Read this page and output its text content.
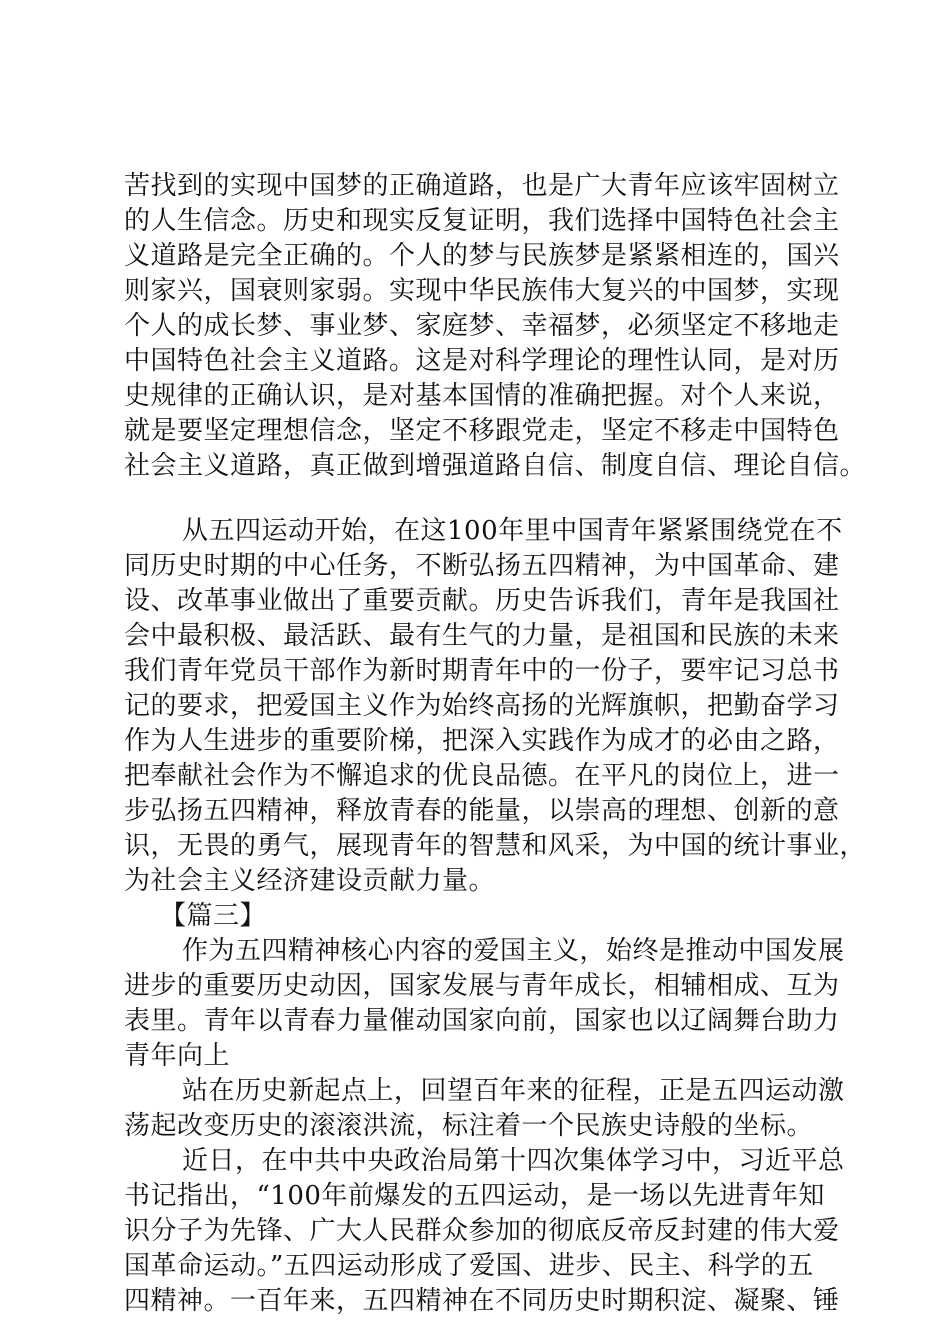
苦找到的实现中国梦的正确道路，也是广大青年应该牢固树立
的人生信念。历史和现实反复证明，我们选择中国特色社会主
义道路是完全正确的。个人的梦与民族梦是紧紧相连的，国兴
则家兴，国衰则家弱。实现中华民族伟大复兴的中国梦，实现
个人的成长梦、事业梦、家庭梦、幸福梦，必须坚定不移地走
中国特色社会主义道路。这是对科学理论的理性认同，是对历
史规律的正确认识，是对基本国情的准确把握。对个人来说，
就是要坚定理想信念，坚定不移跟党走，坚定不移走中国特色
社会主义道路，真正做到增强道路自信、制度自信、理论自信。
从五四运动开始，在这100年里中国青年紧紧围绕党在不
同历史时期的中心任务，不断弘扬五四精神，为中国革命、建
设、改革事业做出了重要贡献。历史告诉我们，青年是我国社
会中最积极、最活跃、最有生气的力量，是祖国和民族的未来
我们青年党员干部作为新时期青年中的一份子，要牢记习总书
记的要求，把爱国主义作为始终高扬的光辉旗帜，把勤奋学习
作为人生进步的重要阶梯，把深入实践作为成才的必由之路，
把奉献社会作为不懈追求的优良品德。在平凡的岗位上，进一
步弘扬五四精神，释放青春的能量，以崇高的理想、创新的意
识，无畏的勇气，展现青年的智慧和风采，为中国的统计事业，
为社会主义经济建设贡献力量。
【篇三】
作为五四精神核心内容的爱国主义，始终是推动中国发展
进步的重要历史动因，国家发展与青年成长，相辅相成、互为
表里。青年以青春力量催动国家向前，国家也以辽阔舞台助力
青年向上
站在历史新起点上，回望百年来的征程，正是五四运动激
荡起改变历史的滚滚洪流，标注着一个民族史诗般的坐标。
近日，在中共中央政治局第十四次集体学习中，习近平总
书记指出，“100年前爆发的五四运动，是一场以先进青年知
识分子为先锋、广大人民群众参加的彻底反帝反封建的伟大爱
国革命运动。”五四运动形成了爱国、进步、民主、科学的五
四精神。一百年来，五四精神在不同历史时期积淀、凝聚、锤
